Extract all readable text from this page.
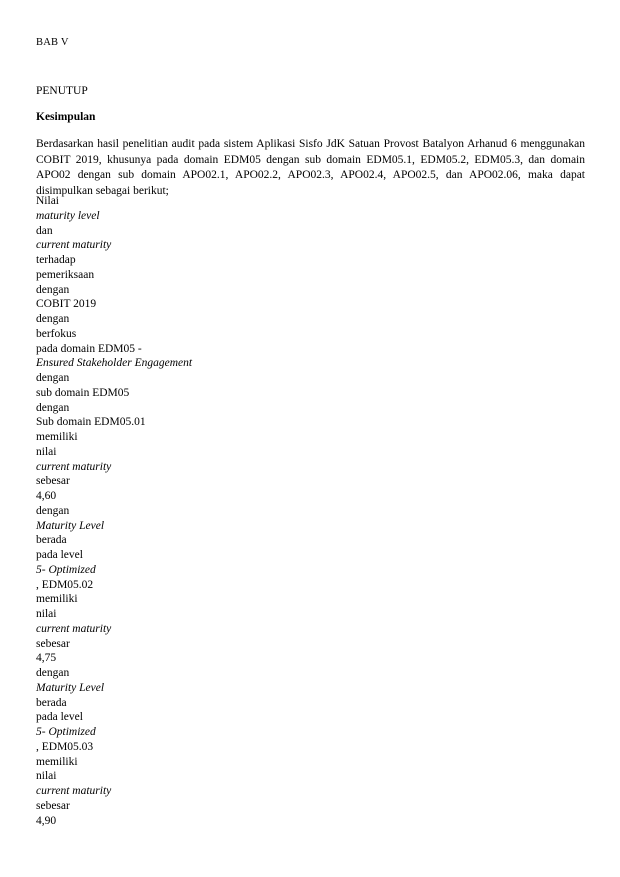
BAB V
PENUTUP
Kesimpulan
Berdasarkan hasil penelitian audit pada sistem Aplikasi Sisfo JdK Satuan Provost Batalyon Arhanud 6 menggunakan COBIT 2019, khusunya pada domain EDM05 dengan sub domain EDM05.1, EDM05.2, EDM05.3, dan domain APO02 dengan sub domain APO02.1, APO02.2, APO02.3, APO02.4, APO02.5, dan APO02.06, maka dapat disimpulkan sebagai berikut;
Nilai
maturity level
dan
current maturity
terhadap
pemeriksaan
dengan
COBIT 2019
dengan
berfokus
pada domain EDM05 -
Ensured Stakeholder Engagement
dengan
sub domain EDM05
dengan
Sub domain EDM05.01
memiliki
nilai
current maturity
sebesar
4,60
dengan
Maturity Level
berada
pada level
5- Optimized
, EDM05.02
memiliki
nilai
current maturity
sebesar
4,75
dengan
Maturity Level
berada
pada level
5- Optimized
, EDM05.03
memiliki
nilai
current maturity
sebesar
4,90
